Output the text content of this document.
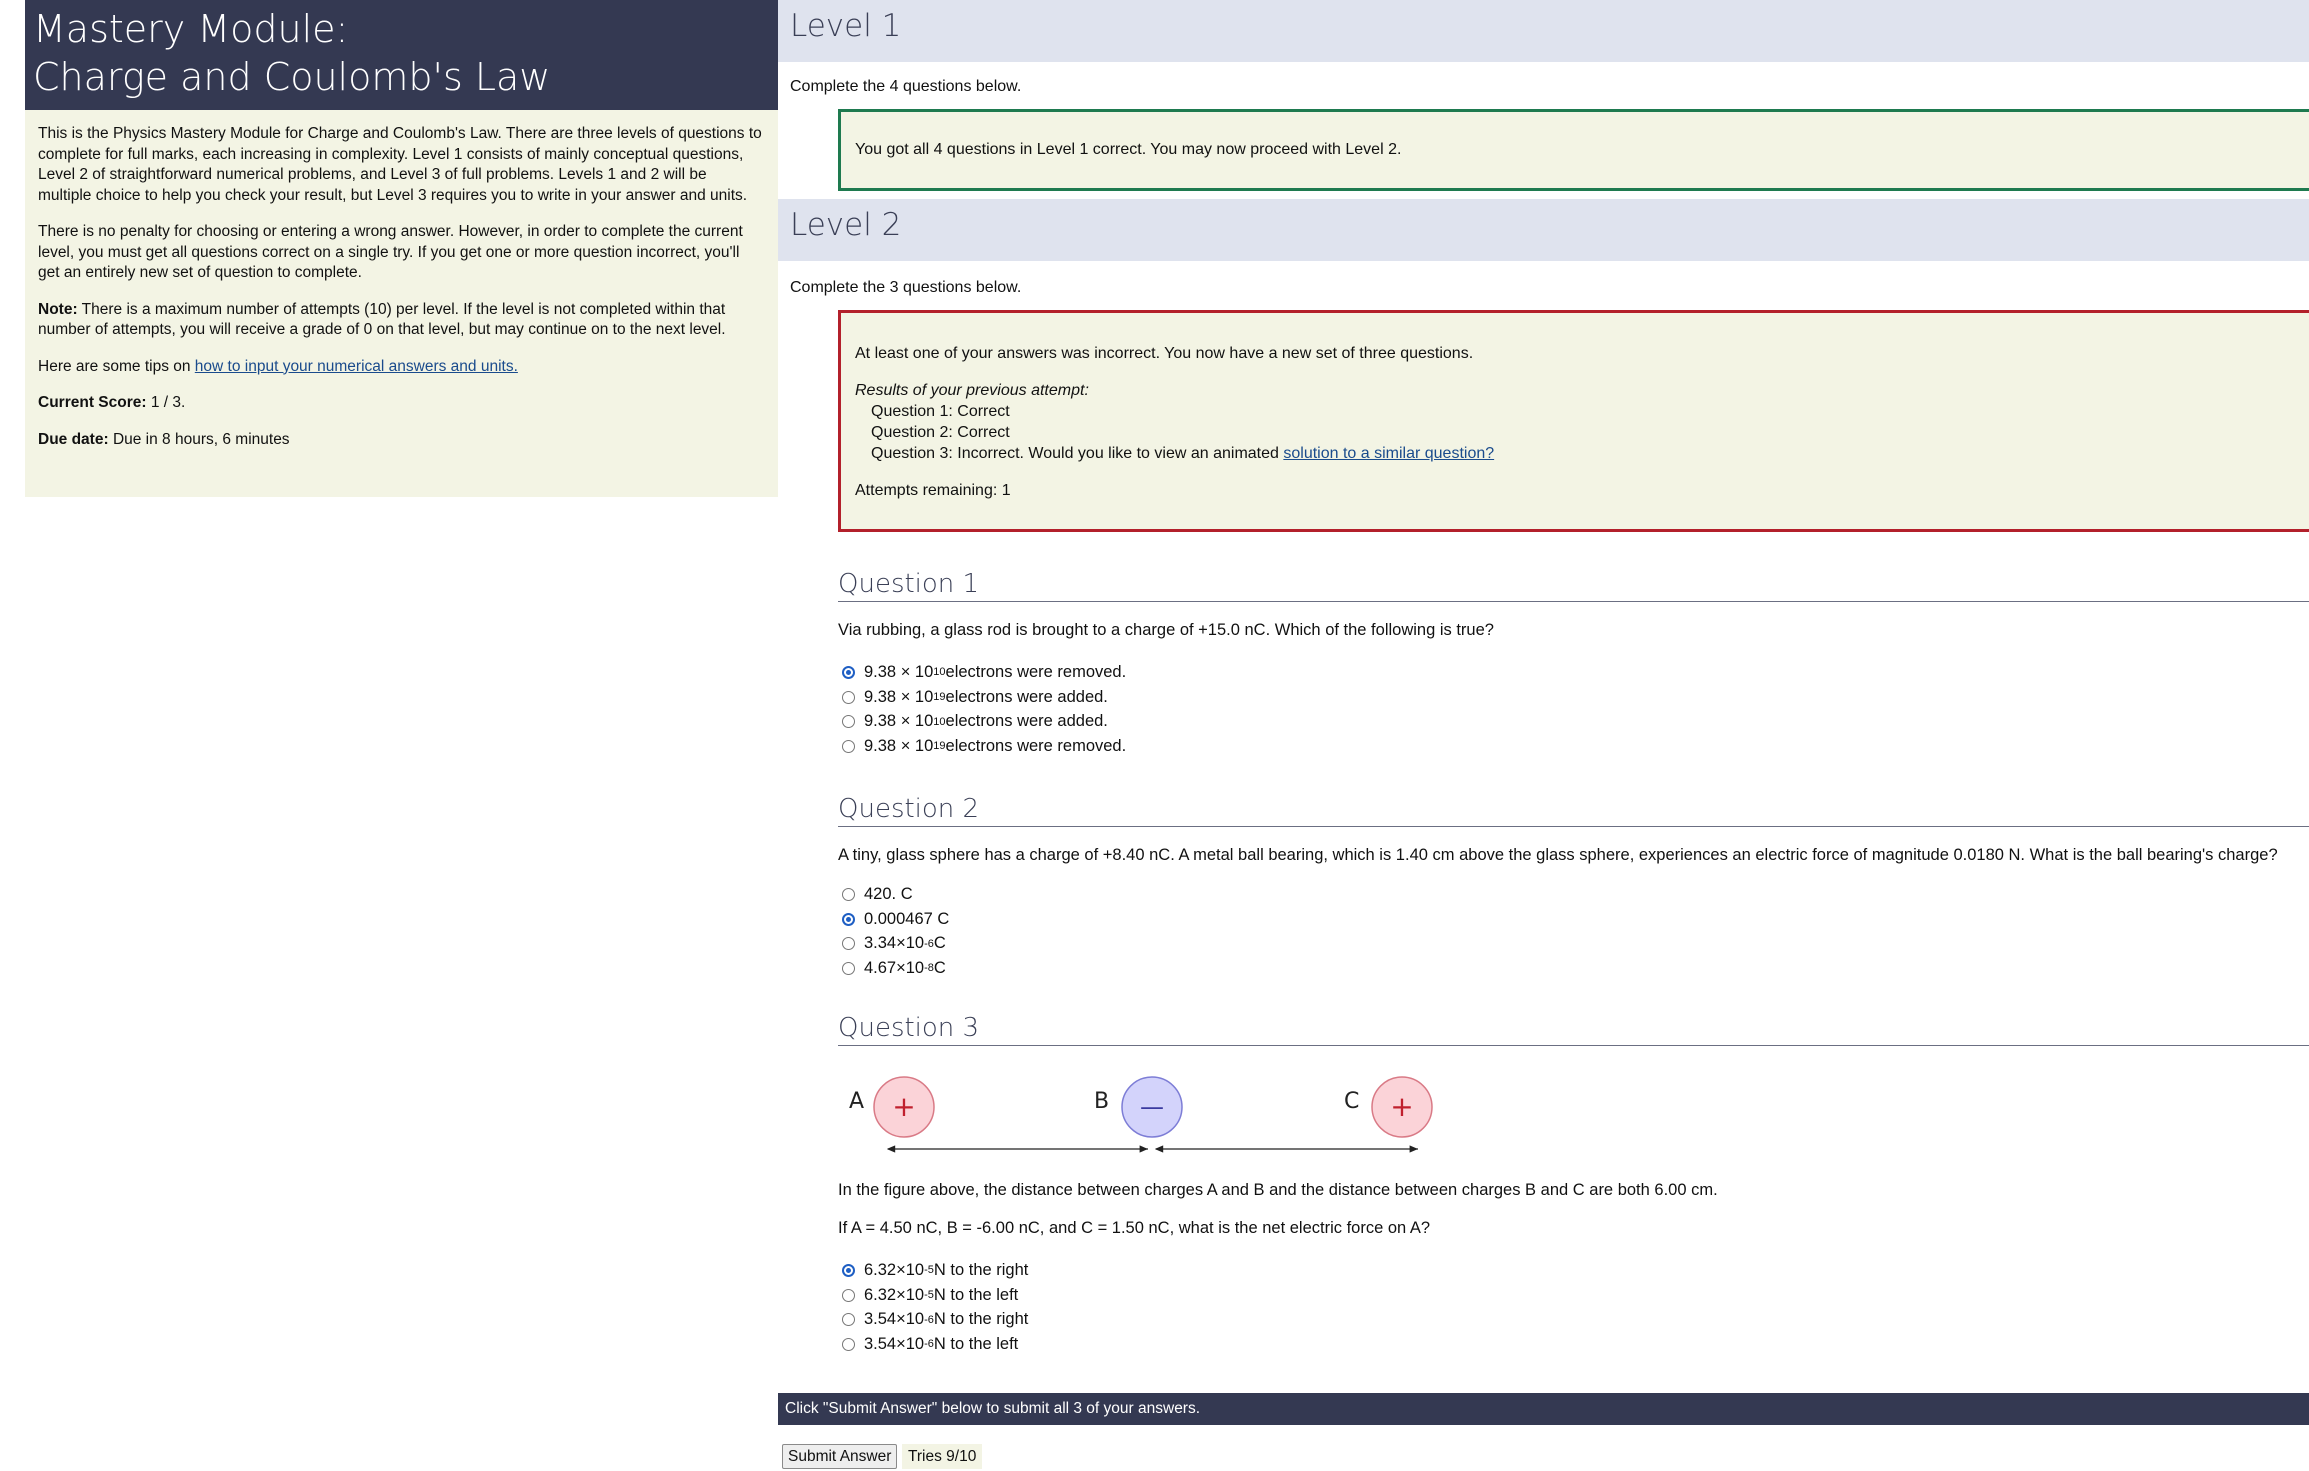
Mastery Module:
Charge and Coulomb's Law

This is the Physics Mastery Module for Charge and Coulomb's Law. There are three levels of questions to complete for full marks, each increasing in complexity. Level 1 consists of mainly conceptual questions, Level 2 of straightforward numerical problems, and Level 3 of full problems. Levels 1 and 2 will be multiple choice to help you check your result, but Level 3 requires you to write in your answer and units.

There is no penalty for choosing or entering a wrong answer. However, in order to complete the current level, you must get all questions correct on a single try. If you get one or more question incorrect, you'll get an entirely new set of question to complete.

Note: There is a maximum number of attempts (10) per level. If the level is not completed within that number of attempts, you will receive a grade of 0 on that level, but may continue on to the next level.

Here are some tips on how to input your numerical answers and units.

Current Score: 1 / 3.

Due date: Due in 8 hours, 6 minutes

Level 1
Complete the 4 questions below.
You got all 4 questions in Level 1 correct. You may now proceed with Level 2.
Level 2
Complete the 3 questions below.
At least one of your answers was incorrect. You now have a new set of three questions.
Results of your previous attempt:
Question 1: Correct
Question 2: Correct
Question 3: Incorrect. Would you like to view an animated solution to a similar question?
Attempts remaining: 1
Question 1
Via rubbing, a glass rod is brought to a charge of +15.0 nC. Which of the following is true?
9.38 × 10 10 electrons were removed.
9.38 × 10 19 electrons were added.
9.38 × 10 10 electrons were added.
9.38 × 10 19 electrons were removed.
Question 2
A tiny, glass sphere has a charge of +8.40 nC. A metal ball bearing, which is 1.40 cm above the glass sphere, experiences an electric force of magnitude 0.0180 N. What is the ball bearing's charge?
420. C
0.000467 C
3.34×10 -6 C
4.67×10 -8 C
Question 3
A +	B —	C +
In the figure above, the distance between charges A and B and the distance between charges B and C are both 6.00 cm.
If A = 4.50 nC, B = -6.00 nC, and C = 1.50 nC, what is the net electric force on A?
6.32×10 -5 N to the right
6.32×10 -5 N to the left
3.54×10 -6 N to the right
3.54×10 -6 N to the left
Click "Submit Answer" below to submit all 3 of your answers.
Submit Answer	Tries 9/10
